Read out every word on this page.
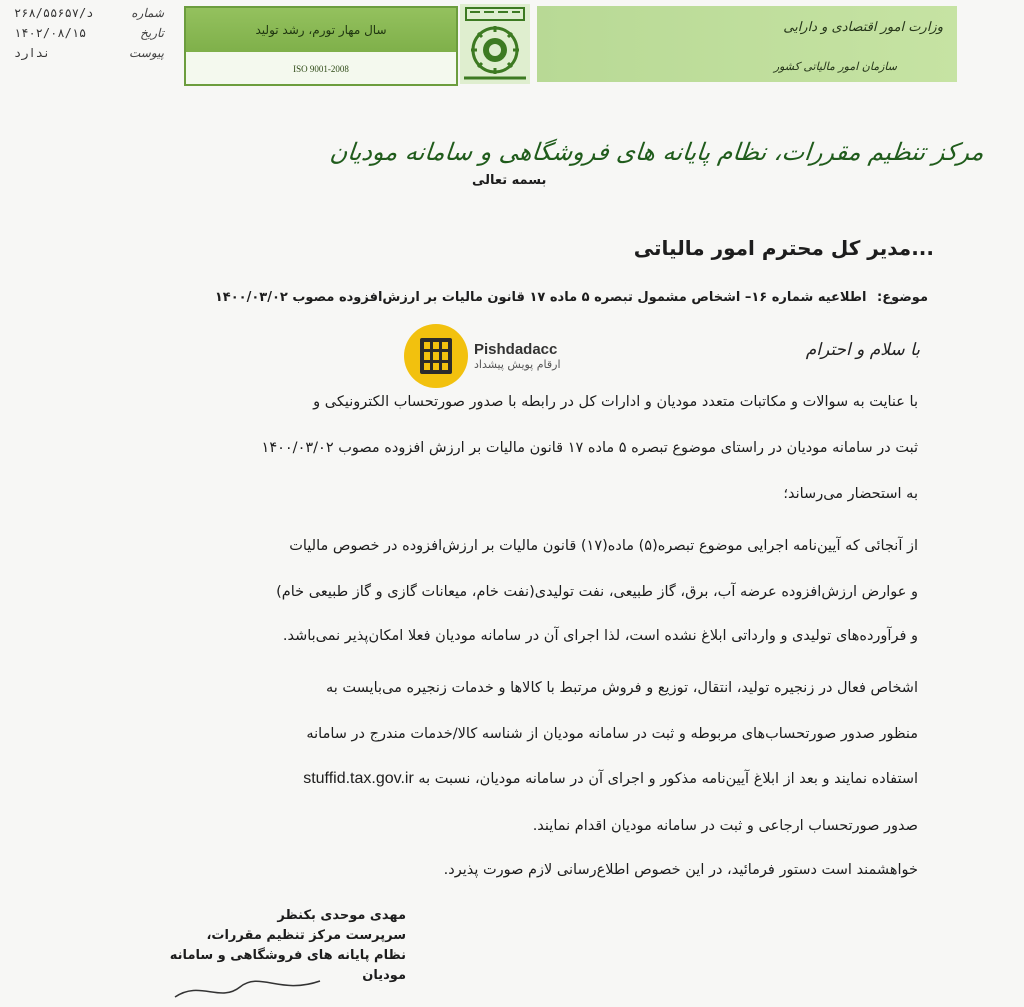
د/۲۶۸/۵۵۶۵۷	شماره
۱۴۰۲/۰۸/۱۵	تاریخ
ندارد	پیوست
سال مهار تورم، رشد تولید
ISO 9001-2008
وزارت امور اقتصادی و دارایی
سازمان امور مالیاتی کشور
مرکز تنظیم مقررات، نظام پایانه های فروشگاهی و سامانه مودیان
بسمه تعالی
مدیر کل محترم امور مالیاتی...
موضوع: اطلاعیه شماره ۱۶– اشخاص مشمول تبصره ۵ ماده ۱۷ قانون مالیات بر ارزش‌افزوده مصوب ۱۴۰۰/۰۳/۰۲
Pishdadacc
ارقام پویش پیشداد
با سلام و احترام
با عنایت به سوالات و مکاتبات متعدد مودیان و ادارات کل در رابطه با صدور صورتحساب الکترونیکی و
ثبت در سامانه مودیان در راستای موضوع تبصره ۵ ماده ۱۷ قانون مالیات بر ارزش افزوده مصوب ۱۴۰۰/۰۳/۰۲
به استحضار می‌رساند؛
از آنجائی که آیین‌نامه اجرایی موضوع تبصره(۵) ماده(۱۷) قانون مالیات بر ارزش‌افزوده در خصوص مالیات
و عوارض ارزش‌افزوده عرضه آب، برق، گاز طبیعی، نفت تولیدی(نفت خام، میعانات گازی و گاز طبیعی خام)
و فرآورده‌های تولیدی و وارداتی ابلاغ نشده است، لذا اجرای آن در سامانه مودیان فعلا امکان‌پذیر نمی‌باشد.
اشخاص فعال در زنجیره تولید، انتقال، توزیع و فروش مرتبط با کالاها و خدمات زنجیره می‌بایست به
منظور صدور صورتحساب‌های مربوطه و ثبت در سامانه مودیان از شناسه کالا/خدمات مندرج در سامانه
استفاده نمایند و بعد از ابلاغ آیین‌نامه مذکور و اجرای آن در سامانه مودیان، نسبت به stuffid.tax.gov.ir
صدور صورتحساب ارجاعی و ثبت در سامانه مودیان اقدام نمایند.
خواهشمند است دستور فرمائید، در این خصوص اطلاع‌رسانی لازم صورت پذیرد.
مهدی موحدی بکنظر
سرپرست مرکز تنظیم مقررات،
نظام پایانه های فروشگاهی و سامانه مودیان
